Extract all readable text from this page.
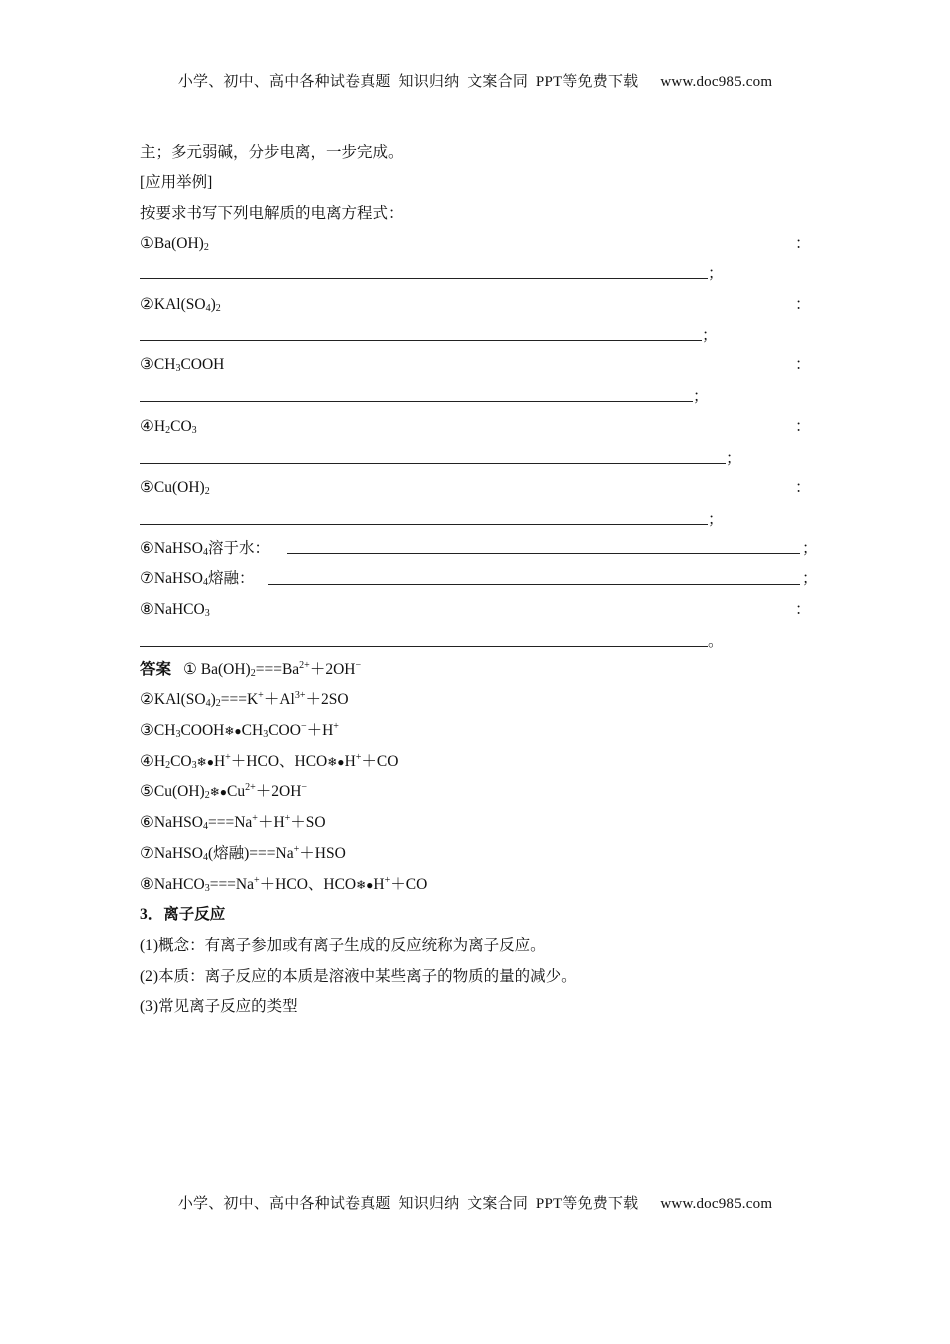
小学、初中、高中各种试卷真题  知识归纳  文案合同  PPT等免费下载 www.doc985.com
主；多元弱碱，分步电离，一步完成。
[应用举例]
按要求书写下列电解质的电离方程式：
$①Ba(OH)_2$	：
；
$②KAl(SO_4)_2$	：
；
$③CH_3COOH$	：
；
$④H_2CO_3$	：
；
$⑤Cu(OH)_2$	：
；
⑥NaHSO$_4$溶于水：	；
⑦NaHSO$_4$熔融：	；
⑧NaHCO$_3$	：
。
答案 ① $Ba(OH)_2===Ba^{2+}+2OH^-$
$②KAl(SO_4)_2===K^++Al^{3+}+2SO$
$③CH_3COOH❄●CH_3COO^-+H^+$
$④H_2CO_3❄●H^++HCO$、HCO❄●H+＋CO
$⑤Cu(OH)_2❄●Cu^{2+}+2OH^-$
⑥NaHSO$_4$===Na+＋H+＋SO
⑦NaHSO$_4$(熔融)===Na+＋HSO
⑧NaHCO$_3$===Na+＋HCO、HCO❄●H+＋CO
3．离子反应
(1)概念：有离子参加或有离子生成的反应统称为离子反应。
(2)本质：离子反应的本质是溶液中某些离子的物质的量的减少。
(3)常见离子反应的类型
小学、初中、高中各种试卷真题  知识归纳  文案合同  PPT等免费下载 www.doc985.com
